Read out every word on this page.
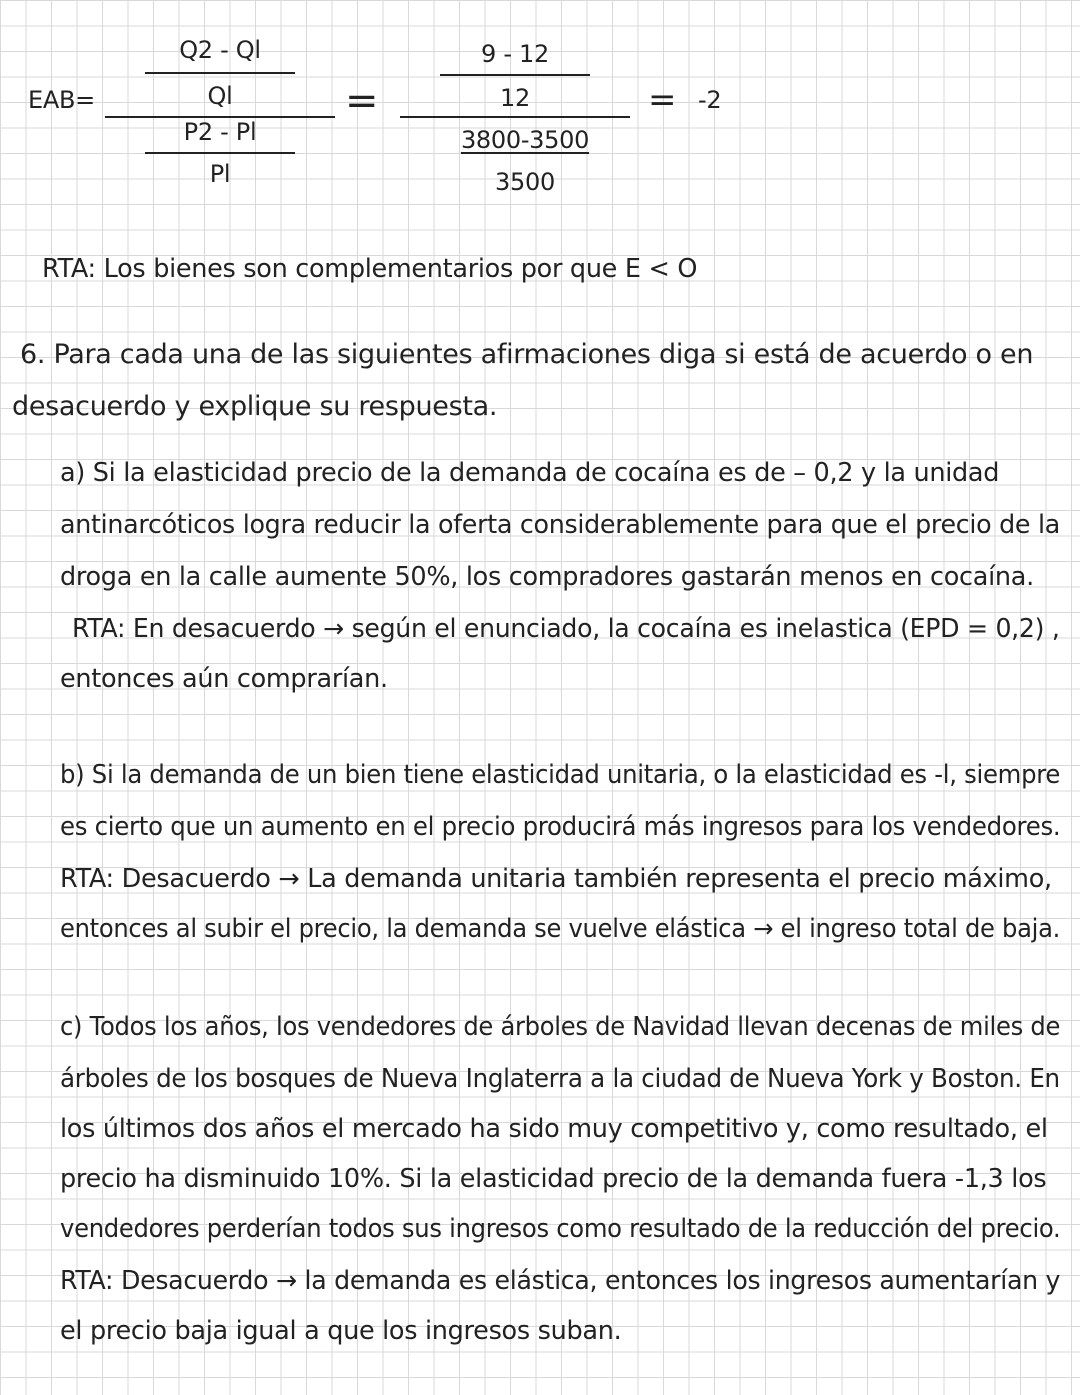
EAB=
Q2 - Ql
Ql
P2 - Pl
Pl
=
9 - 12
12
3800-3500
3500
= -2
RTA: Los bienes son complementarios por que E < O
6. Para cada una de las siguientes afirmaciones diga si está de acuerdo o en
desacuerdo y explique su respuesta.
a) Si la elasticidad precio de la demanda de cocaína es de – 0,2 y la unidad
antinarcóticos logra reducir la oferta considerablemente para que el precio de la
droga en la calle aumente 50%, los compradores gastarán menos en cocaína.
RTA: En desacuerdo → según el enunciado, la cocaína es inelastica (EPD = 0,2) ,
entonces aún comprarían.
b) Si la demanda de un bien tiene elasticidad unitaria, o la elasticidad es -l, siempre
es cierto que un aumento en el precio producirá más ingresos para los vendedores.
RTA: Desacuerdo → La demanda unitaria también representa el precio máximo,
entonces al subir el precio, la demanda se vuelve elástica → el ingreso total de baja.
c) Todos los años, los vendedores de árboles de Navidad llevan decenas de miles de
árboles de los bosques de Nueva Inglaterra a la ciudad de Nueva York y Boston. En
los últimos dos años el mercado ha sido muy competitivo y, como resultado, el
precio ha disminuido 10%. Si la elasticidad precio de la demanda fuera -1,3 los
vendedores perderían todos sus ingresos como resultado de la reducción del precio.
RTA: Desacuerdo → la demanda es elástica, entonces los ingresos aumentarían y
el precio baja igual a que los ingresos suban.
